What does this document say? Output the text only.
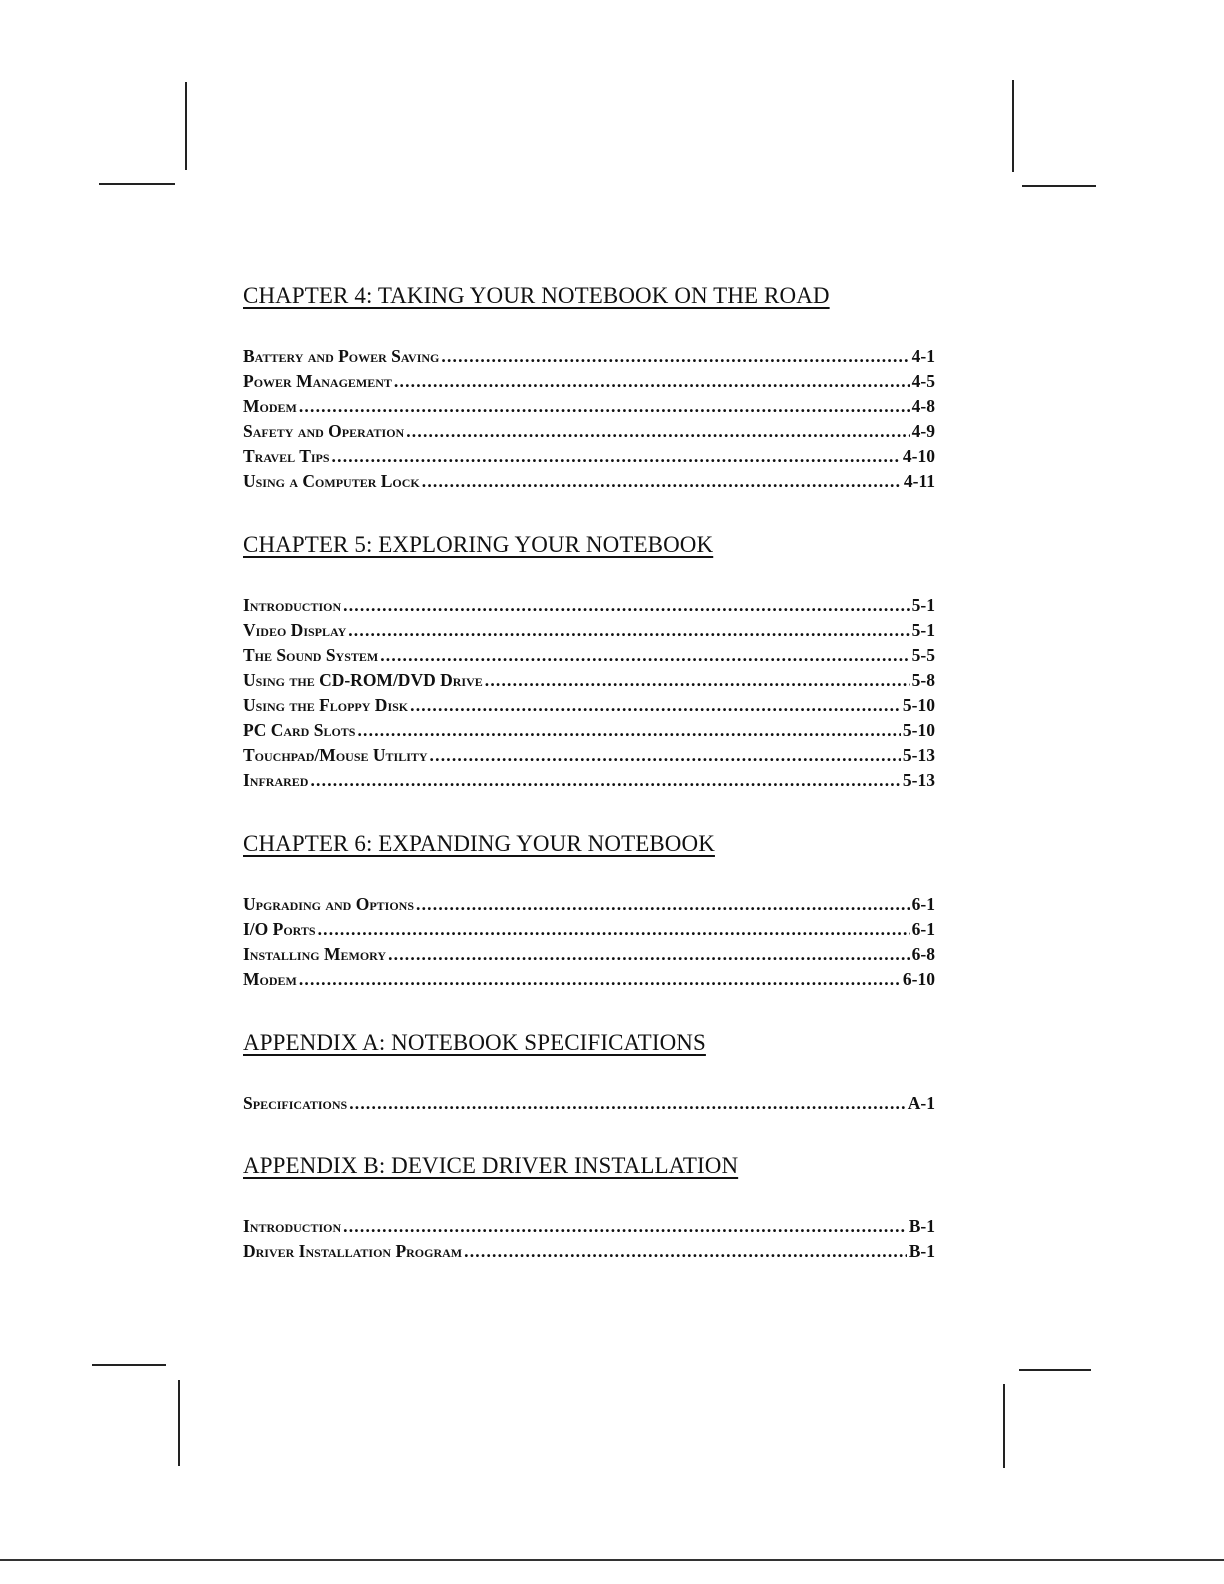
CHAPTER 4: TAKING YOUR NOTEBOOK ON THE ROAD
Battery and Power Saving .....	4-1
Power Management .....	4-5
Modem .....	4-8
Safety and Operation .....	4-9
Travel Tips .....	4-10
Using a Computer Lock .....	4-11
CHAPTER 5: EXPLORING YOUR NOTEBOOK
Introduction .....	5-1
Video Display .....	5-1
The Sound System .....	5-5
Using the CD-ROM/DVD Drive .....	5-8
Using the Floppy Disk .....	5-10
PC Card Slots .....	5-10
Touchpad/Mouse Utility .....	5-13
Infrared .....	5-13
CHAPTER 6: EXPANDING YOUR NOTEBOOK
Upgrading and Options .....	6-1
I/O Ports .....	6-1
Installing Memory .....	6-8
Modem .....	6-10
APPENDIX A: NOTEBOOK SPECIFICATIONS
Specifications .....	A-1
APPENDIX B: DEVICE DRIVER INSTALLATION
Introduction .....	B-1
Driver Installation Program .....	B-1
